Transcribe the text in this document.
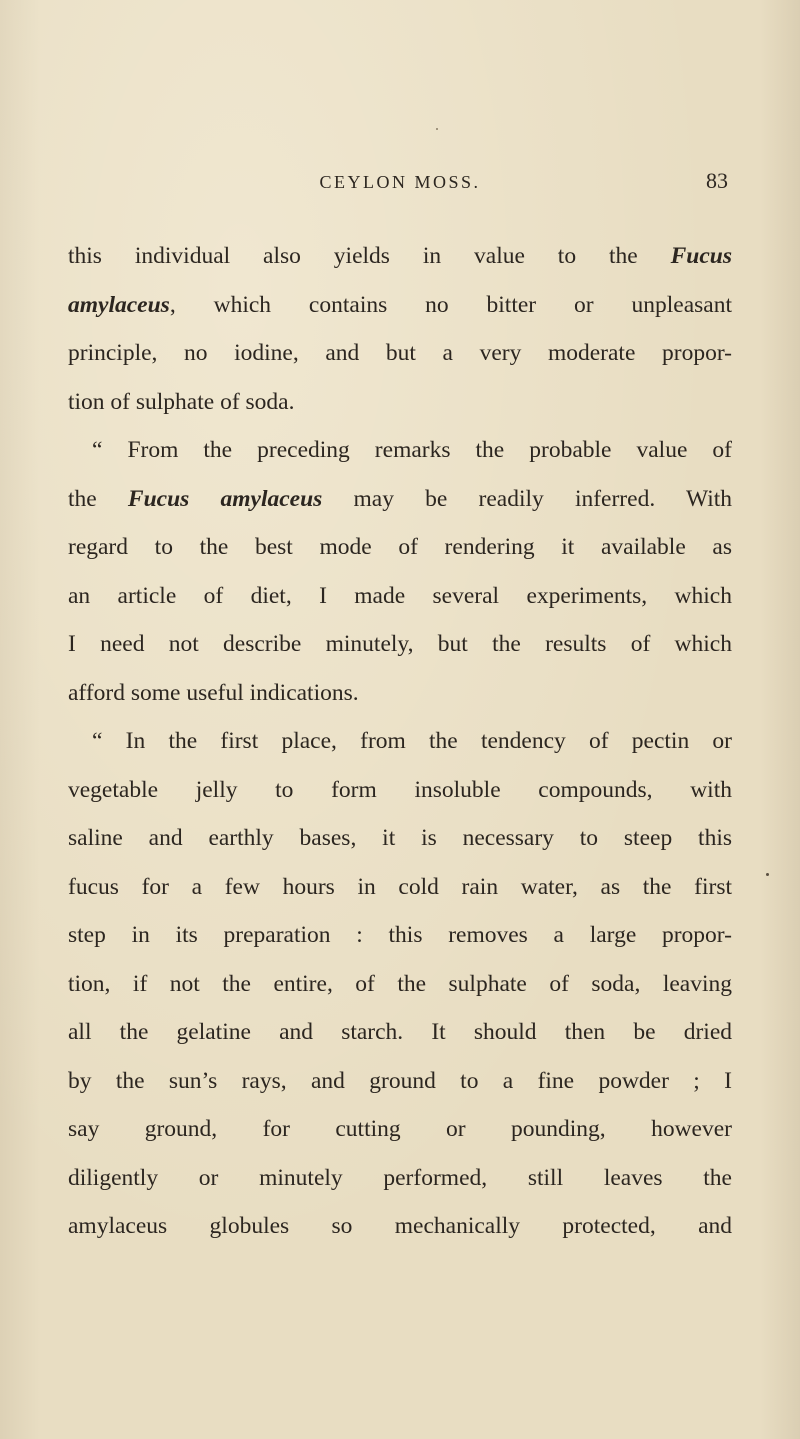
CEYLON MOSS.	83
this individual also yields in value to the Fucus
amylaceus, which contains no bitter or unpleasant
principle, no iodine, and but a very moderate propor-
tion of sulphate of soda.
“ From the preceding remarks the probable value of
the Fucus amylaceus may be readily inferred. With
regard to the best mode of rendering it available as
an article of diet, I made several experiments, which
I need not describe minutely, but the results of which
afford some useful indications.
“ In the first place, from the tendency of pectin or
vegetable jelly to form insoluble compounds, with
saline and earthly bases, it is necessary to steep this
fucus for a few hours in cold rain water, as the first
step in its preparation : this removes a large propor-
tion, if not the entire, of the sulphate of soda, leaving
all the gelatine and starch. It should then be dried
by the sun’s rays, and ground to a fine powder ; I
say ground, for cutting or pounding, however
diligently or minutely performed, still leaves the
amylaceus globules so mechanically protected, and
